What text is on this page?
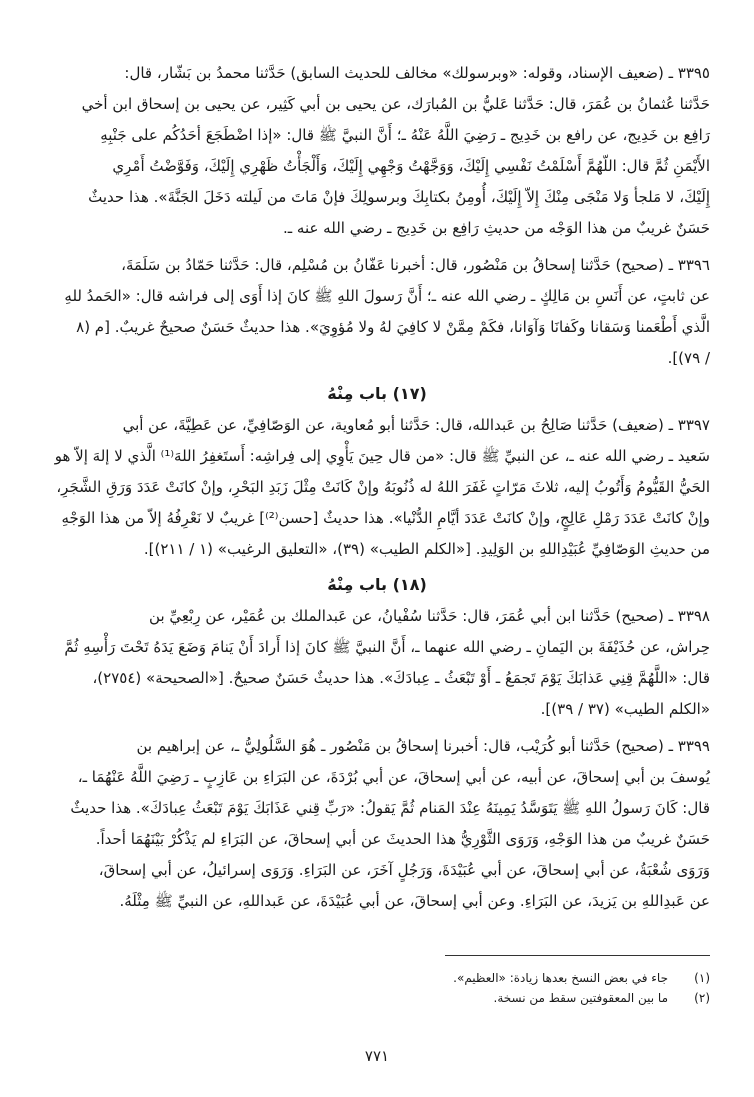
٣٣٩٥ ـ (ضعيف الإسناد، وقوله: «وبرسولك» مخالف للحديث السابق) حَدَّثنا محمدُ بن بَشّار، قال:

حَدَّثنا عُثمانُ بن عُمَرَ، قال: حَدَّثنا عَليُّ بن المُبارَك، عن يحيى بن أبي كَثِير، عن يحيى بن إسحاق ابن أخي

رَافِع بن خَدِيج، عن رافع بن خَدِيج ـ رَضِيَ اللَّهُ عَنْهُ ـ؛ أَنَّ النبيَّ ﷺ قال: «إذا اضْطَجَعَ أحَدُكُم على جَنْبِهِ

الأَيْمَنِ ثُمَّ قال: اللّهُمَّ أَسْلَمْتُ نَفْسِي إِلَيْكَ، وَوَجَّهْتُ وَجْهِي إِلَيْكَ، وَأَلْجَأْتُ ظَهْرِي إِلَيْكَ، وَفَوَّضْتُ أَمْرِي

إِلَيْكَ، لا مَلجأ وَلا مَنْجَى مِنْكَ إِلاّ إِلَيْكَ، أُومِنُ بكتابِكَ وبرسولِكَ فإنْ مَاتَ من لَيلته دَخَلَ الجَنَّةَ». هذا حديثٌ

حَسَنٌ غريبٌ من هذا الوَجْه من حديثِ رَافِع بن خَدِيج ـ رضي الله عنه ـ.

٣٣٩٦ ـ (صحيح) حَدَّثنا إسحاقُ بن مَنْصُور، قال: أخبرنا عَفّانُ بن مُسْلِم، قال: حَدَّثنا حَمّادُ بن سَلَمَةَ،

عن ثابتٍ، عن أَنَسِ بن مَالِكٍ ـ رضي الله عنه ـ؛ أَنَّ رَسولَ اللهِ ﷺ كانَ إذا أَوَى إلى فراشه قال: «الحَمدُ للهِ

الَّذي أَطْعَمنا وَسَقانا وكَفانَا وَآوَانا، فكَمْ مِمَّنْ لا كافِيَ لهُ ولا مُؤوِيَ». هذا حديثٌ حَسَنٌ صحيحٌ غريبٌ. [م (٨

/ ٧٩)].

(١٧) باب مِنْهُ

٣٣٩٧ ـ (ضعيف) حَدَّثنا صَالِحُ بن عَبدالله، قال: حَدَّثنا أبو مُعاوية، عن الوَصّافِيِّ، عن عَطِيَّةَ، عن أبي

سَعيد ـ رضي الله عنه ـ، عن النبيِّ ﷺ قال: «من قال حِينَ يَأْوِي إلى فِراشِه: أَستَغفِرُ اللهَ⁽¹⁾ الَّذي لا إلهَ إلاّ هو

الحَيُّ القَيُّومُ وَأَتُوبُ إليه، ثلاثَ مَرّاتٍ غَفَرَ اللهُ له ذُنُوبَهُ وإنْ كَانَتْ مِثْلَ زَبَدِ البَحْرِ، وإنْ كانَتْ عَدَدَ وَرَقِ الشَّجَرِ،

وإنْ كانَتْ عَدَدَ رَمْلِ عَالِجٍ، وإنْ كانَتْ عَدَدَ أيَّامِ الدُّنْيا». هذا حديثٌ [حسن⁽²⁾] غريبٌ لا نَعْرِفُهُ إلاّ من هذا الوَجْهِ

من حديثِ الوَصّافِيِّ عُبَيْدِاللهِ بن الوَلِيدِ. [«الكلم الطيب» (٣٩)، «التعليق الرغيب» (١ / ٢١١)].

(١٨) باب مِنْهُ

٣٣٩٨ ـ (صحيح) حَدَّثنا ابن أبي عُمَرَ، قال: حَدَّثنا سُفْيانُ، عن عَبدالملك بن عُمَيْر، عن رِبْعِيِّ بن

حِراش، عن حُذَيْفَةَ بن اليَمانِ ـ رضي الله عنهما ـ، أَنَّ النبيَّ ﷺ كانَ إذا أَرادَ أَنْ يَنامَ وَضَعَ يَدَهُ تَحْتَ رَأْسِهِ ثُمَّ

قال: «اللَّهُمَّ قِنِي عَذابَكَ يَوْمَ تَجمَعُ ـ أَوْ تَبْعَثُ ـ عِبادَكَ». هذا حديثٌ حَسَنٌ صحيحٌ. [«الصحيحة» (٢٧٥٤)،

«الكلم الطيب» (٣٧ / ٣٩)].

٣٣٩٩ ـ (صحيح) حَدَّثنا أبو كُرَيْب، قال: أخبرنا إسحاقُ بن مَنْصُور ـ هُوَ السَّلُولِيُّ ـ، عن إبراهيم بن

يُوسفَ بن أبي إسحاقَ، عن أبيه، عن أبي إسحاقَ، عن أبي بُرْدَةَ، عن البَرَاءِ بن عَازِبٍ ـ رَضِيَ اللَّهُ عَنْهُمَا ـ،

قال: كَانَ رَسولُ اللهِ ﷺ يَتَوَسَّدُ يَمِينَهُ عِنْدَ المَنام ثُمَّ يَقولُ: «رَبِّ قِني عَذَابَكَ يَوْمَ تَبْعَثُ عِبادَكَ». هذا حديثٌ

حَسَنٌ غريبٌ من هذا الوَجْهِ، وَرَوَى الثَّوْرِيُّ هذا الحديثَ عن أبي إسحاقَ، عن البَرَاءِ لم يَذْكُرْ بَيْنَهُمَا أحداً.

وَرَوَى شُعْبَةُ، عن أبي إسحاقَ، عن أبي عُبَيْدَةَ، وَرَجُلٍ آخَرَ، عن البَرَاءِ. وَرَوَى إسرائيلُ، عن أبي إسحاقَ،

عن عَبدِاللهِ بن يَزيدَ، عن البَرَاءِ. وعن أبي إسحاقَ، عن أبي عُبَيْدَةَ، عن عَبداللهِ، عن النبيِّ ﷺ مِثْلَهُ.

(١)
جاء في بعض النسخ بعدها زيادة: «العظيم».
(٢)
ما بين المعقوفتين سقط من نسخة.
٧٧١
